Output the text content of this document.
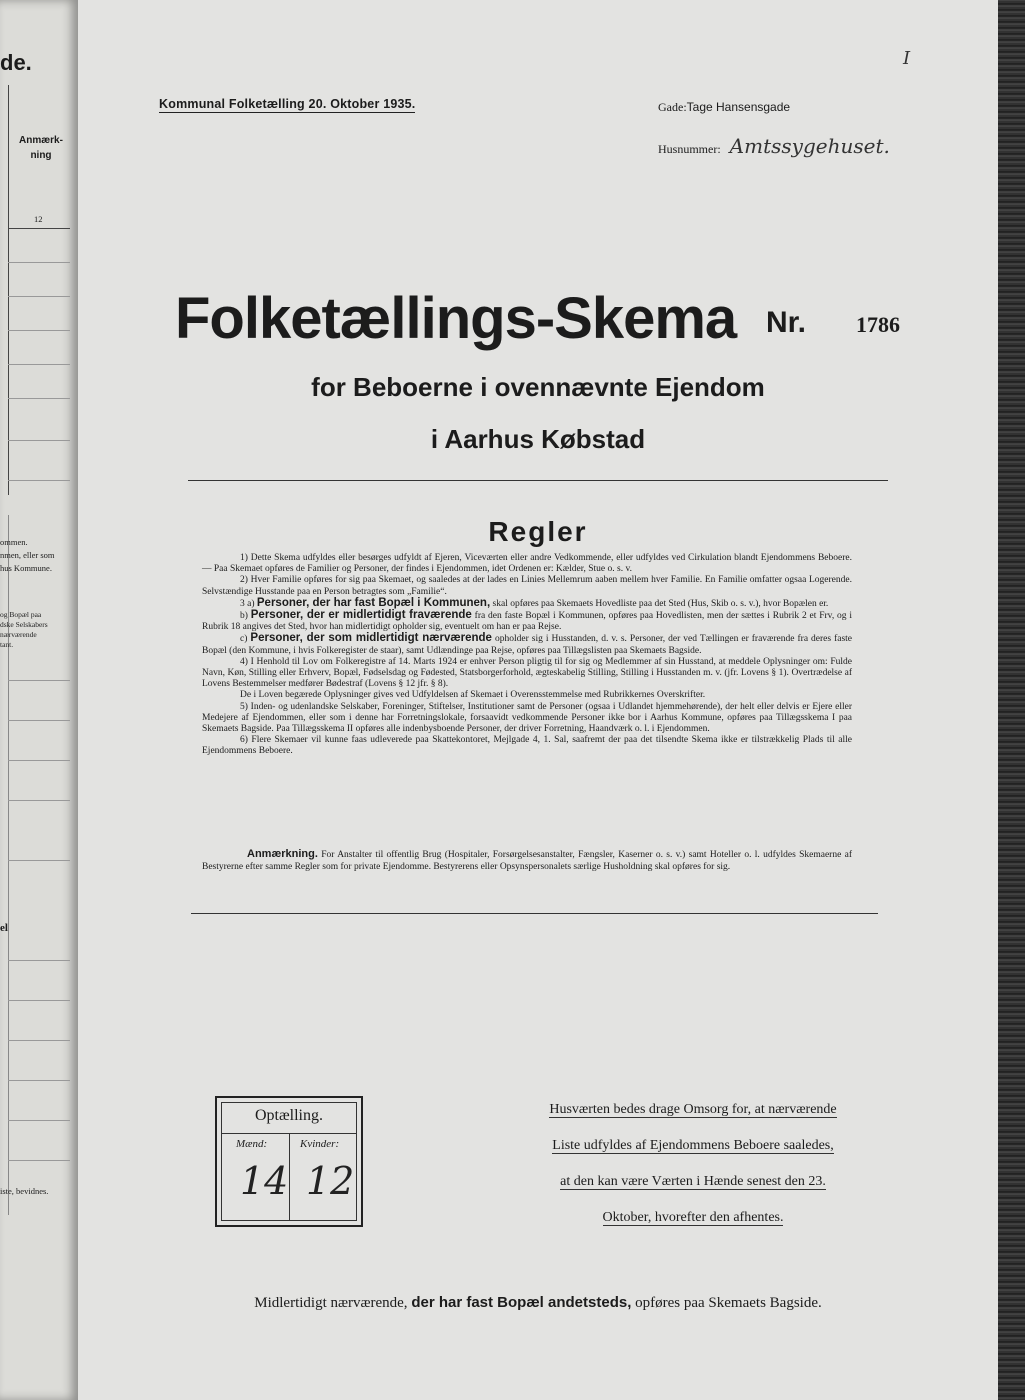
de.
Anmærk-
ning
12
ommen.
nmen, eller som
hus Kommune.
og Bopæl paa
dske Selskabers
nærværende
tant.
el
iste, bevidnes.
Kommunal Folketælling 20. Oktober 1935.
I
Gade:Tage Hansensgade
Husnummer: Amtssygehuset.
Folketællings-Skema Nr. 1786
for Beboerne i ovennævnte Ejendom
i Aarhus Købstad
Regler

1) Dette Skema udfyldes eller besørges udfyldt af Ejeren, Viceværten eller andre Vedkommende, eller udfyldes ved Cirkulation blandt Ejendommens Beboere. — Paa Skemaet opføres de Familier og Personer, der findes i Ejendommen, idet Ordenen er: Kælder, Stue o. s. v.

2) Hver Familie opføres for sig paa Skemaet, og saaledes at der lades en Linies Mellemrum aaben mellem hver Familie. En Familie omfatter ogsaa Logerende. Selvstændige Husstande paa en Person betragtes som „Familie“.

3 a) Personer, der har fast Bopæl i Kommunen, skal opføres paa Skemaets Hovedliste paa det Sted (Hus, Skib o. s. v.), hvor Bopælen er.

b) Personer, der er midlertidigt fraværende fra den faste Bopæl i Kommunen, opføres paa Hovedlisten, men der sættes i Rubrik 2 et Frv, og i Rubrik 18 angives det Sted, hvor han midlertidigt opholder sig, eventuelt om han er paa Rejse.

c) Personer, der som midlertidigt nærværende opholder sig i Husstanden, d. v. s. Personer, der ved Tællingen er fraværende fra deres faste Bopæl (den Kommune, i hvis Folkeregister de staar), samt Udlændinge paa Rejse, opføres paa Tillægslisten paa Skemaets Bagside.

4) I Henhold til Lov om Folkeregistre af 14. Marts 1924 er enhver Person pligtig til for sig og Medlemmer af sin Husstand, at meddele Oplysninger om: Fulde Navn, Køn, Stilling eller Erhverv, Bopæl, Fødselsdag og Fødested, Statsborgerforhold, ægteskabelig Stilling, Stilling i Husstanden m. v. (jfr. Lovens § 1). Overtrædelse af Lovens Bestemmelser medfører Bødestraf (Lovens § 12 jfr. § 8).

De i Loven begærede Oplysninger gives ved Udfyldelsen af Skemaet i Overensstemmelse med Rubrikkernes Overskrifter.

5) Inden- og udenlandske Selskaber, Foreninger, Stiftelser, Institutioner samt de Personer (ogsaa i Udlandet hjemmehørende), der helt eller delvis er Ejere eller Medejere af Ejendommen, eller som i denne har Forretningslokale, forsaavidt vedkommende Personer ikke bor i Aarhus Kommune, opføres paa Tillægsskema I paa Skemaets Bagside. Paa Tillægsskema II opføres alle indenbysboende Personer, der driver Forretning, Haandværk o. l. i Ejendommen.

6) Flere Skemaer vil kunne faas udleverede paa Skattekontoret, Mejlgade 4, 1. Sal, saafremt der paa det tilsendte Skema ikke er tilstrækkelig Plads til alle Ejendommens Beboere.

Anmærkning. For Anstalter til offentlig Brug (Hospitaler, Forsørgelsesanstalter, Fængsler, Kaserner o. s. v.) samt Hoteller o. l. udfyldes Skemaerne af Bestyrerne efter samme Regler som for private Ejendomme. Bestyrerens eller Opsynspersonalets særlige Husholdning skal opføres for sig.

Optælling.
Mænd:	Kvinder:
14 12
Husværten bedes drage Omsorg for, at nærværende
Liste udfyldes af Ejendommens Beboere saaledes,
at den kan være Værten i Hænde senest den 23.
Oktober, hvorefter den afhentes.
Midlertidigt nærværende, der har fast Bopæl andetsteds, opføres paa Skemaets Bagside.
